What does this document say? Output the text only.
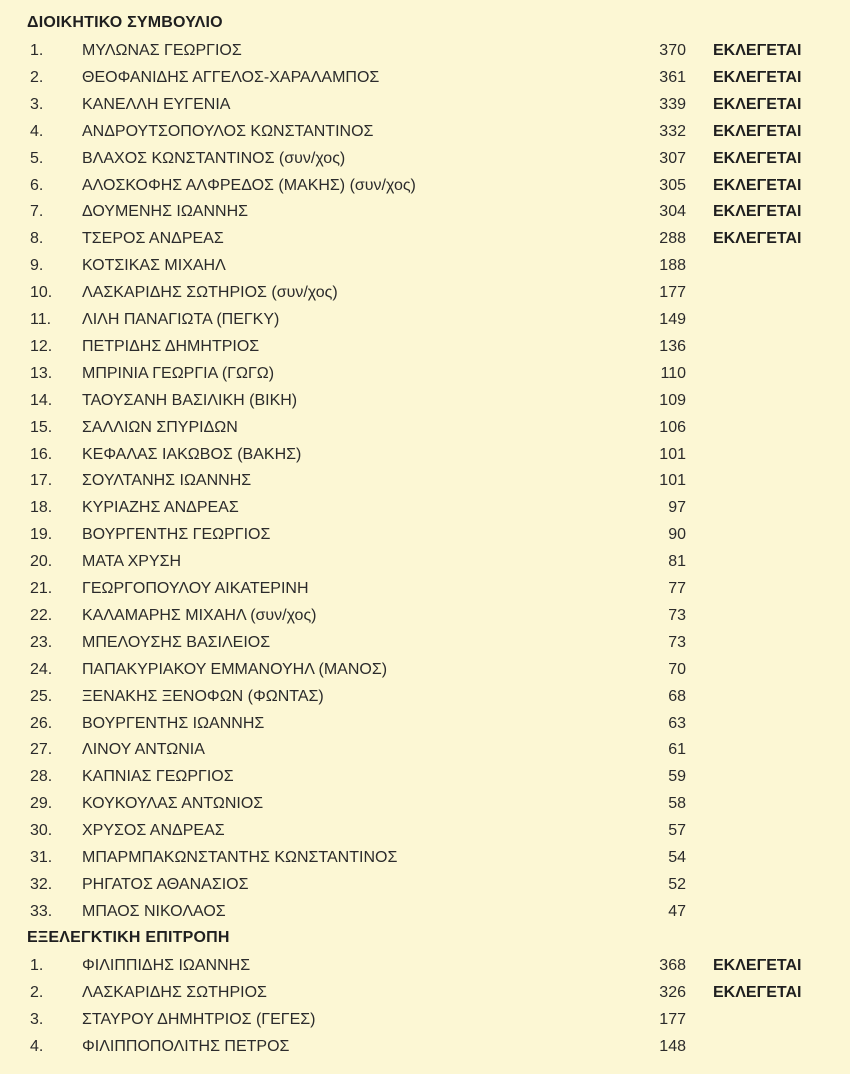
ΔΙΟΙΚΗΤΙΚΟ ΣΥΜΒΟΥΛΙΟ
1.	ΜΥΛΩΝΑΣ ΓΕΩΡΓΙΟΣ	370 ΕΚΛΕΓΕΤΑΙ
2.	ΘΕΟΦΑΝΙΔΗΣ ΑΓΓΕΛΟΣ-ΧΑΡΑΛΑΜΠΟΣ	361 ΕΚΛΕΓΕΤΑΙ
3.	ΚΑΝΕΛΛΗ ΕΥΓΕΝΙΑ	339 ΕΚΛΕΓΕΤΑΙ
4.	ΑΝΔΡΟΥΤΣΟΠΟΥΛΟΣ ΚΩΝΣΤΑΝΤΙΝΟΣ	332 ΕΚΛΕΓΕΤΑΙ
5.	ΒΛΑΧΟΣ ΚΩΝΣΤΑΝΤΙΝΟΣ (συν/χος)	307 ΕΚΛΕΓΕΤΑΙ
6.	ΑΛΟΣΚΟΦΗΣ ΑΛΦΡΕΔΟΣ (ΜΑΚΗΣ) (συν/χος)	305 ΕΚΛΕΓΕΤΑΙ
7.	ΔΟΥΜΕΝΗΣ ΙΩΑΝΝΗΣ	304 ΕΚΛΕΓΕΤΑΙ
8.	ΤΣΕΡΟΣ ΑΝΔΡΕΑΣ	288 ΕΚΛΕΓΕΤΑΙ
9.	ΚΟΤΣΙΚΑΣ ΜΙΧΑΗΛ	188
10.	ΛΑΣΚΑΡΙΔΗΣ ΣΩΤΗΡΙΟΣ (συν/χος)	177
11.	ΛΙΛΗ ΠΑΝΑΓΙΩΤΑ (ΠΕΓΚΥ)	149
12.	ΠΕΤΡΙΔΗΣ ΔΗΜΗΤΡΙΟΣ	136
13.	ΜΠΡΙΝΙΑ ΓΕΩΡΓΙΑ (ΓΩΓΩ)	110
14.	ΤΑΟΥΣΑΝΗ ΒΑΣΙΛΙΚΗ (ΒΙΚΗ)	109
15.	ΣΑΛΛΙΩΝ ΣΠΥΡΙΔΩΝ	106
16.	ΚΕΦΑΛΑΣ ΙΑΚΩΒΟΣ (ΒΑΚΗΣ)	101
17.	ΣΟΥΛΤΑΝΗΣ ΙΩΑΝΝΗΣ	101
18.	ΚΥΡΙΑΖΗΣ ΑΝΔΡΕΑΣ	97
19.	ΒΟΥΡΓΕΝΤΗΣ ΓΕΩΡΓΙΟΣ	90
20.	ΜΑΤΑ ΧΡΥΣΗ	81
21.	ΓΕΩΡΓΟΠΟΥΛΟΥ ΑΙΚΑΤΕΡΙΝΗ	77
22.	ΚΑΛΑΜΑΡΗΣ ΜΙΧΑΗΛ (συν/χος)	73
23.	ΜΠΕΛΟΥΣΗΣ ΒΑΣΙΛΕΙΟΣ	73
24.	ΠΑΠΑΚΥΡΙΑΚΟΥ ΕΜΜΑΝΟΥΗΛ (ΜΑΝΟΣ)	70
25.	ΞΕΝΑΚΗΣ ΞΕΝΟΦΩΝ (ΦΩΝΤΑΣ)	68
26.	ΒΟΥΡΓΕΝΤΗΣ ΙΩΑΝΝΗΣ	63
27.	ΛΙΝΟΥ ΑΝΤΩΝΙΑ	61
28.	ΚΑΠΝΙΑΣ ΓΕΩΡΓΙΟΣ	59
29.	ΚΟΥΚΟΥΛΑΣ ΑΝΤΩΝΙΟΣ	58
30.	ΧΡΥΣΟΣ ΑΝΔΡΕΑΣ	57
31.	ΜΠΑΡΜΠΑΚΩΝΣΤΑΝΤΗΣ ΚΩΝΣΤΑΝΤΙΝΟΣ	54
32.	ΡΗΓΑΤΟΣ ΑΘΑΝΑΣΙΟΣ	52
33.	ΜΠΑΟΣ ΝΙΚΟΛΑΟΣ	47
ΕΞΕΛΕΓΚΤΙΚΗ ΕΠΙΤΡΟΠΗ
1.	ΦΙΛΙΠΠΙΔΗΣ ΙΩΑΝΝΗΣ	368 ΕΚΛΕΓΕΤΑΙ
2.	ΛΑΣΚΑΡΙΔΗΣ ΣΩΤΗΡΙΟΣ	326 ΕΚΛΕΓΕΤΑΙ
3.	ΣΤΑΥΡΟΥ ΔΗΜΗΤΡΙΟΣ (ΓΕΓΕΣ)	177
4.	ΦΙΛΙΠΠΟΠΟΛΙΤΗΣ ΠΕΤΡΟΣ	148
